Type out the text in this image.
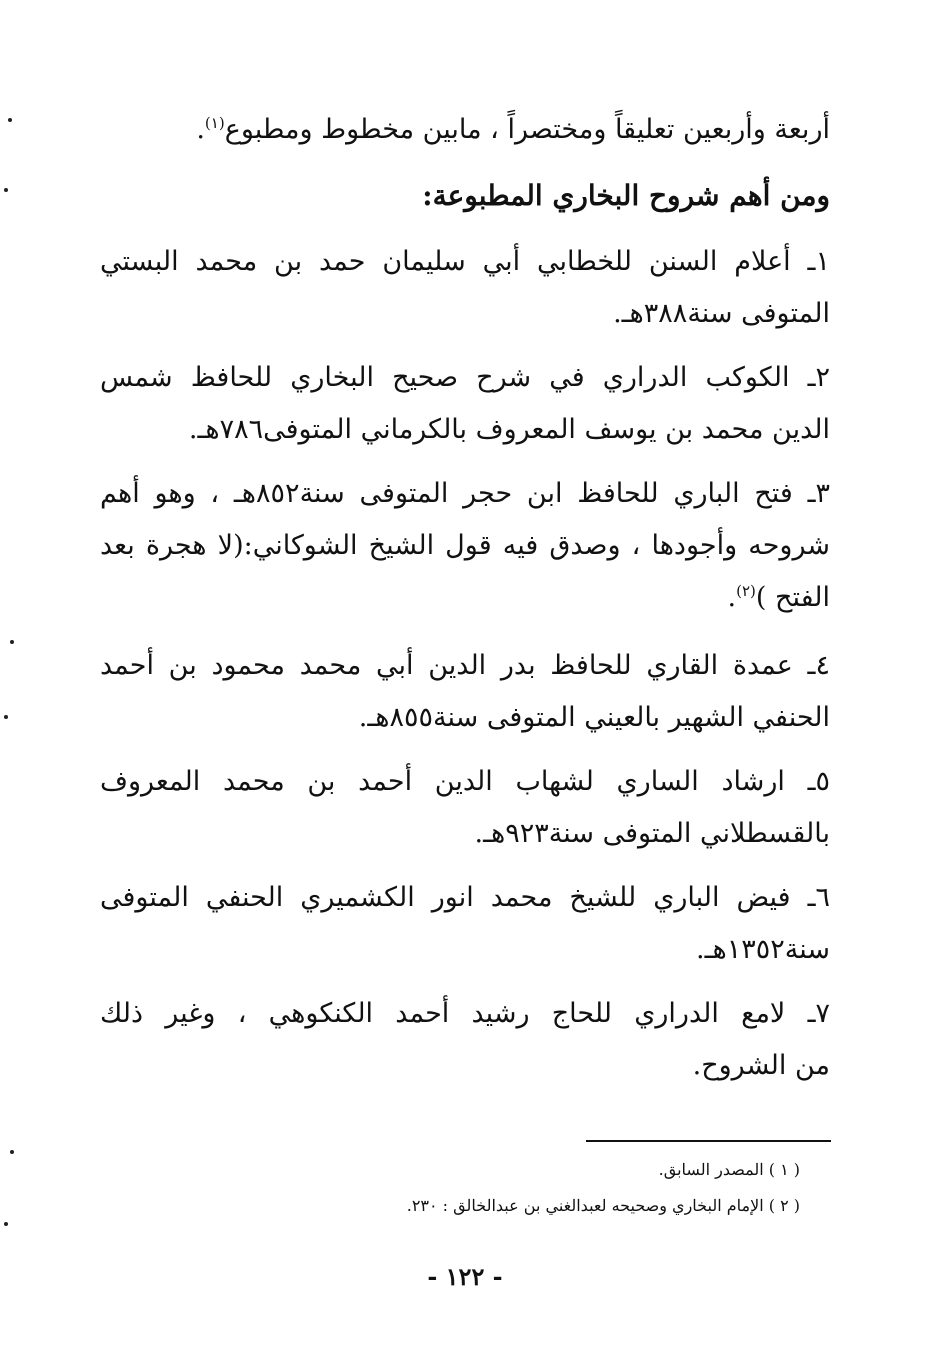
أربعة وأربعين تعليقاً ومختصراً ، مابين مخطوط ومطبوع$^{(١)}$.
ومن أهم شروح البخاري المطبوعة:
١ـ أعلام السنن للخطابي أبي سليمان حمد بن محمد البستي
المتوفى سنة٣٨٨هـ.
٢ـ الكوكب الدراري في شرح صحيح البخاري للحافظ شمس
الدين محمد بن يوسف المعروف بالكرماني المتوفى٧٨٦هـ.
٣ـ فتح الباري للحافظ ابن حجر المتوفى سنة٨٥٢هـ ، وهو أهم
شروحه وأجودها ، وصدق فيه قول الشيخ الشوكاني:(لا هجرة بعد
الفتح )$^{(٢)}$.
٤ـ عمدة القاري للحافظ بدر الدين أبي محمد محمود بن أحمد
الحنفي الشهير بالعيني المتوفى سنة٨٥٥هـ.
٥ـ ارشاد الساري لشهاب الدين أحمد بن محمد المعروف
بالقسطلاني المتوفى سنة٩٢٣هـ.
٦ـ فيض الباري للشيخ محمد انور الكشميري الحنفي المتوفى
سنة١٣٥٢هـ.
٧ـ لامع الدراري للحاج رشيد أحمد الكنكوهي ، وغير ذلك
من الشروح.
( ١ ) المصدر السابق.
( ٢ ) الإمام البخاري وصحيحه لعبدالغني بن عبدالخالق : ٢٣٠.
- ١٢٢ -
